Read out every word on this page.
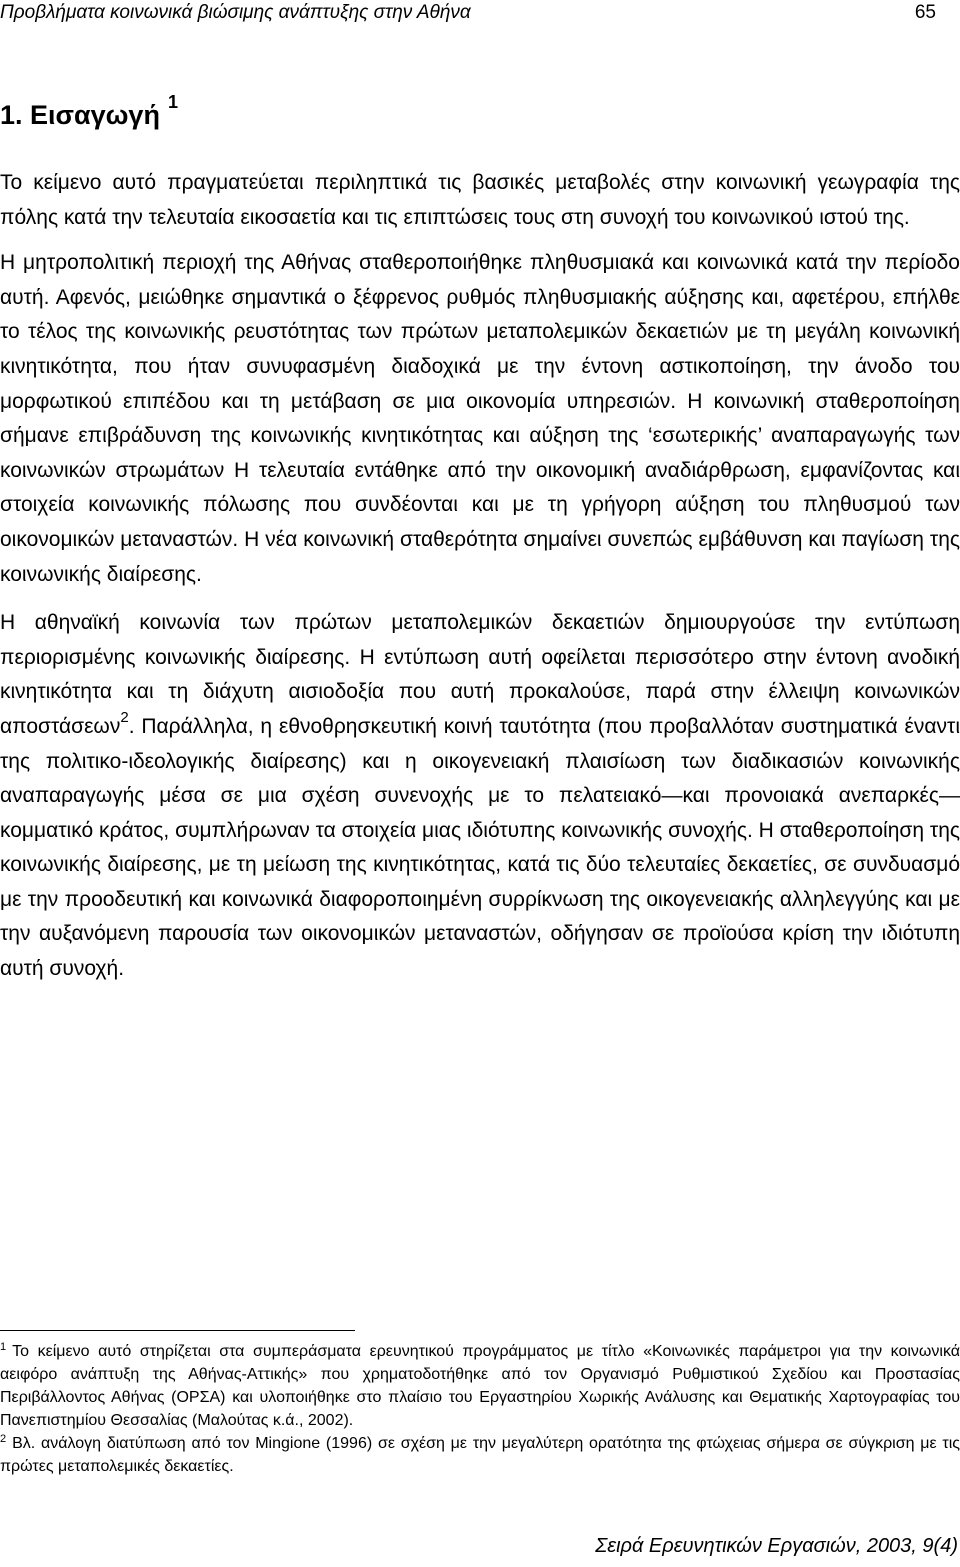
Προβλήματα κοινωνικά βιώσιμης ανάπτυξης στην Αθήνα	65
1. Εισαγωγή $^1$

Το κείμενο αυτό πραγματεύεται περιληπτικά τις βασικές μεταβολές στην κοινωνική γεωγραφία της πόλης κατά την τελευταία εικοσαετία και τις επιπτώσεις τους στη συνοχή του κοινωνικού ιστού της.

Η μητροπολιτική περιοχή της Αθήνας σταθεροποιήθηκε πληθυσμιακά και κοινωνικά κατά την περίοδο αυτή. Αφενός, μειώθηκε σημαντικά ο ξέφρενος ρυθμός πληθυσμιακής αύξησης και, αφετέρου, επήλθε το τέλος της κοινωνικής ρευστότητας των πρώτων μεταπολεμικών δεκαετιών με τη μεγάλη κοινωνική κινητικότητα, που ήταν συνυφασμένη διαδοχικά με την έντονη αστικοποίηση, την άνοδο του μορφωτικού επιπέδου και τη μετάβαση σε μια οικονομία υπηρεσιών. Η κοινωνική σταθεροποίηση σήμανε επιβράδυνση της κοινωνικής κινητικότητας και αύξηση της ‘εσωτερικής’ αναπαραγωγής των κοινωνικών στρωμάτων Η τελευταία εντάθηκε από την οικονομική αναδιάρθρωση, εμφανίζοντας και στοιχεία κοινωνικής πόλωσης που συνδέονται και με τη γρήγορη αύξηση του πληθυσμού των οικονομικών μεταναστών. Η νέα κοινωνική σταθερότητα σημαίνει συνεπώς εμβάθυνση και παγίωση της κοινωνικής διαίρεσης.

Η αθηναϊκή κοινωνία των πρώτων μεταπολεμικών δεκαετιών δημιουργούσε την εντύπωση περιορισμένης κοινωνικής διαίρεσης. Η εντύπωση αυτή οφείλεται περισσότερο στην έντονη ανοδική κινητικότητα και τη διάχυτη αισιοδοξία που αυτή προκαλούσε, παρά στην έλλειψη κοινωνικών αποστάσεων$^2$. Παράλληλα, η εθνοθρησκευτική κοινή ταυτότητα (που προβαλλόταν συστηματικά έναντι της πολιτικο-ιδεολογικής διαίρεσης) και η οικογενειακή πλαισίωση των διαδικασιών κοινωνικής αναπαραγωγής μέσα σε μια σχέση συνενοχής με το πελατειακό—και προνοιακά ανεπαρκές—κομματικό κράτος, συμπλήρωναν τα στοιχεία μιας ιδιότυπης κοινωνικής συνοχής. Η σταθεροποίηση της κοινωνικής διαίρεσης, με τη μείωση της κινητικότητας, κατά τις δύο τελευταίες δεκαετίες, σε συνδυασμό με την προοδευτική και κοινωνικά διαφοροποιημένη συρρίκνωση της οικογενειακής αλληλεγγύης και με την αυξανόμενη παρουσία των οικονομικών μεταναστών, οδήγησαν σε προϊούσα κρίση την ιδιότυπη αυτή συνοχή.

$^1$ Το κείμενο αυτό στηρίζεται στα συμπεράσματα ερευνητικού προγράμματος με τίτλο «Κοινωνικές παράμετροι για την κοινωνικά αειφόρο ανάπτυξη της Αθήνας-Αττικής» που χρηματοδοτήθηκε από τον Οργανισμό Ρυθμιστικού Σχεδίου και Προστασίας Περιβάλλοντος Αθήνας (ΟΡΣΑ) και υλοποιήθηκε στο πλαίσιο του Εργαστηρίου Χωρικής Ανάλυσης και Θεματικής Χαρτογραφίας του Πανεπιστημίου Θεσσαλίας (Μαλούτας κ.ά., 2002).

$^2$ Βλ. ανάλογη διατύπωση από τον Mingione (1996) σε σχέση με την μεγαλύτερη ορατότητα της φτώχειας σήμερα σε σύγκριση με τις πρώτες μεταπολεμικές δεκαετίες.

Σειρά Ερευνητικών Εργασιών, 2003, 9(4)
